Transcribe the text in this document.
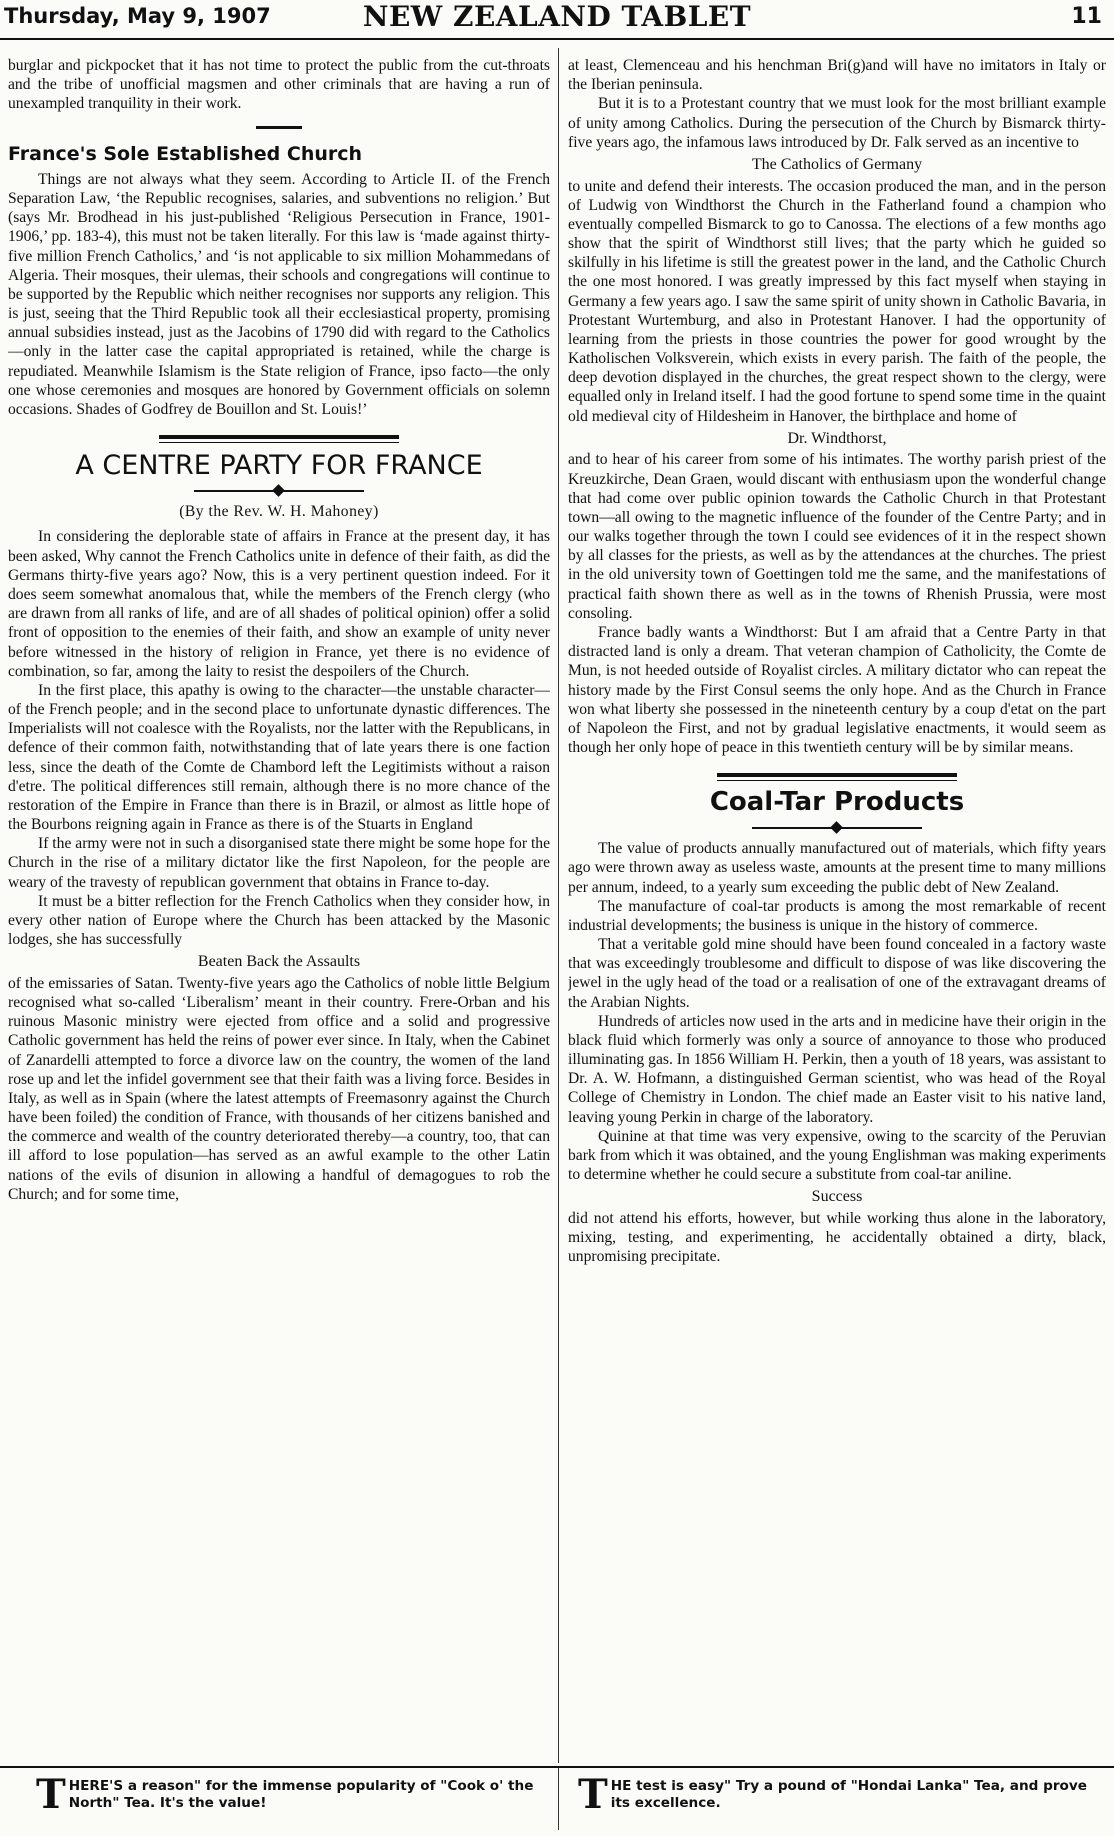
Thursday, May 9, 1907	NEW ZEALAND TABLET	11

burglar and pickpocket that it has not time to protect the public from the cut-throats and the tribe of unofficial magsmen and other criminals that are having a run of unexampled tranquility in their work.

France's Sole Established Church

Things are not always what they seem. According to Article II. of the French Separation Law, ‘the Republic recognises, salaries, and subventions no religion.’ But (says Mr. Brodhead in his just-published ‘Religious Persecution in France, 1901-1906,’ pp. 183-4), this must not be taken literally. For this law is ‘made against thirty-five million French Catholics,’ and ‘is not applicable to six million Mohammedans of Algeria. Their mosques, their ulemas, their schools and congregations will continue to be supported by the Republic which neither recognises nor supports any religion. This is just, seeing that the Third Republic took all their ecclesiastical property, promising annual subsidies instead, just as the Jacobins of 1790 did with regard to the Catholics—only in the latter case the capital appropriated is retained, while the charge is repudiated. Meanwhile Islamism is the State religion of France, ipso facto—the only one whose ceremonies and mosques are honored by Government officials on solemn occasions. Shades of Godfrey de Bouillon and St. Louis!’

A CENTRE PARTY FOR FRANCE
(By the Rev. W. H. Mahoney)

In considering the deplorable state of affairs in France at the present day, it has been asked, Why cannot the French Catholics unite in defence of their faith, as did the Germans thirty-five years ago? Now, this is a very pertinent question indeed. For it does seem somewhat anomalous that, while the members of the French clergy (who are drawn from all ranks of life, and are of all shades of political opinion) offer a solid front of opposition to the enemies of their faith, and show an example of unity never before witnessed in the history of religion in France, yet there is no evidence of combination, so far, among the laity to resist the despoilers of the Church.

In the first place, this apathy is owing to the character—the unstable character—of the French people; and in the second place to unfortunate dynastic differences. The Imperialists will not coalesce with the Royalists, nor the latter with the Republicans, in defence of their common faith, notwithstanding that of late years there is one faction less, since the death of the Comte de Chambord left the Legitimists without a raison d'etre. The political differences still remain, although there is no more chance of the restoration of the Empire in France than there is in Brazil, or almost as little hope of the Bourbons reigning again in France as there is of the Stuarts in England

If the army were not in such a disorganised state there might be some hope for the Church in the rise of a military dictator like the first Napoleon, for the people are weary of the travesty of republican government that obtains in France to-day.

It must be a bitter reflection for the French Catholics when they consider how, in every other nation of Europe where the Church has been attacked by the Masonic lodges, she has successfully

Beaten Back the Assaults

of the emissaries of Satan. Twenty-five years ago the Catholics of noble little Belgium recognised what so-called ‘Liberalism’ meant in their country. Frere-Orban and his ruinous Masonic ministry were ejected from office and a solid and progressive Catholic government has held the reins of power ever since. In Italy, when the Cabinet of Zanardelli attempted to force a divorce law on the country, the women of the land rose up and let the infidel government see that their faith was a living force. Besides in Italy, as well as in Spain (where the latest attempts of Freemasonry against the Church have been foiled) the condition of France, with thousands of her citizens banished and the commerce and wealth of the country deteriorated thereby—a country, too, that can ill afford to lose population—has served as an awful example to the other Latin nations of the evils of disunion in allowing a handful of demagogues to rob the Church; and for some time,

at least, Clemenceau and his henchman Bri(g)and will have no imitators in Italy or the Iberian peninsula.

But it is to a Protestant country that we must look for the most brilliant example of unity among Catholics. During the persecution of the Church by Bismarck thirty-five years ago, the infamous laws introduced by Dr. Falk served as an incentive to

The Catholics of Germany

to unite and defend their interests. The occasion produced the man, and in the person of Ludwig von Windthorst the Church in the Fatherland found a champion who eventually compelled Bismarck to go to Canossa. The elections of a few months ago show that the spirit of Windthorst still lives; that the party which he guided so skilfully in his lifetime is still the greatest power in the land, and the Catholic Church the one most honored. I was greatly impressed by this fact myself when staying in Germany a few years ago. I saw the same spirit of unity shown in Catholic Bavaria, in Protestant Wurtemburg, and also in Protestant Hanover. I had the opportunity of learning from the priests in those countries the power for good wrought by the Katholischen Volksverein, which exists in every parish. The faith of the people, the deep devotion displayed in the churches, the great respect shown to the clergy, were equalled only in Ireland itself. I had the good fortune to spend some time in the quaint old medieval city of Hildesheim in Hanover, the birthplace and home of

Dr. Windthorst,

and to hear of his career from some of his intimates. The worthy parish priest of the Kreuzkirche, Dean Graen, would discant with enthusiasm upon the wonderful change that had come over public opinion towards the Catholic Church in that Protestant town—all owing to the magnetic influence of the founder of the Centre Party; and in our walks together through the town I could see evidences of it in the respect shown by all classes for the priests, as well as by the attendances at the churches. The priest in the old university town of Goettingen told me the same, and the manifestations of practical faith shown there as well as in the towns of Rhenish Prussia, were most consoling.

France badly wants a Windthorst: But I am afraid that a Centre Party in that distracted land is only a dream. That veteran champion of Catholicity, the Comte de Mun, is not heeded outside of Royalist circles. A military dictator who can repeat the history made by the First Consul seems the only hope. And as the Church in France won what liberty she possessed in the nineteenth century by a coup d'etat on the part of Napoleon the First, and not by gradual legislative enactments, it would seem as though her only hope of peace in this twentieth century will be by similar means.

Coal-Tar Products

The value of products annually manufactured out of materials, which fifty years ago were thrown away as useless waste, amounts at the present time to many millions per annum, indeed, to a yearly sum exceeding the public debt of New Zealand.

The manufacture of coal-tar products is among the most remarkable of recent industrial developments; the business is unique in the history of commerce.

That a veritable gold mine should have been found concealed in a factory waste that was exceedingly troublesome and difficult to dispose of was like discovering the jewel in the ugly head of the toad or a realisation of one of the extravagant dreams of the Arabian Nights.

Hundreds of articles now used in the arts and in medicine have their origin in the black fluid which formerly was only a source of annoyance to those who produced illuminating gas. In 1856 William H. Perkin, then a youth of 18 years, was assistant to Dr. A. W. Hofmann, a distinguished German scientist, who was head of the Royal College of Chemistry in London. The chief made an Easter visit to his native land, leaving young Perkin in charge of the laboratory.

Quinine at that time was very expensive, owing to the scarcity of the Peruvian bark from which it was obtained, and the young Englishman was making experiments to determine whether he could secure a substitute from coal-tar aniline.

Success

did not attend his efforts, however, but while working thus alone in the laboratory, mixing, testing, and experimenting, he accidentally obtained a dirty, black, unpromising precipitate.

T HERE'S a reason" for the immense popularity of "Cook o' the North" Tea. It's the value!	T HE test is easy" Try a pound of "Hondai Lanka" Tea, and prove its excellence.
